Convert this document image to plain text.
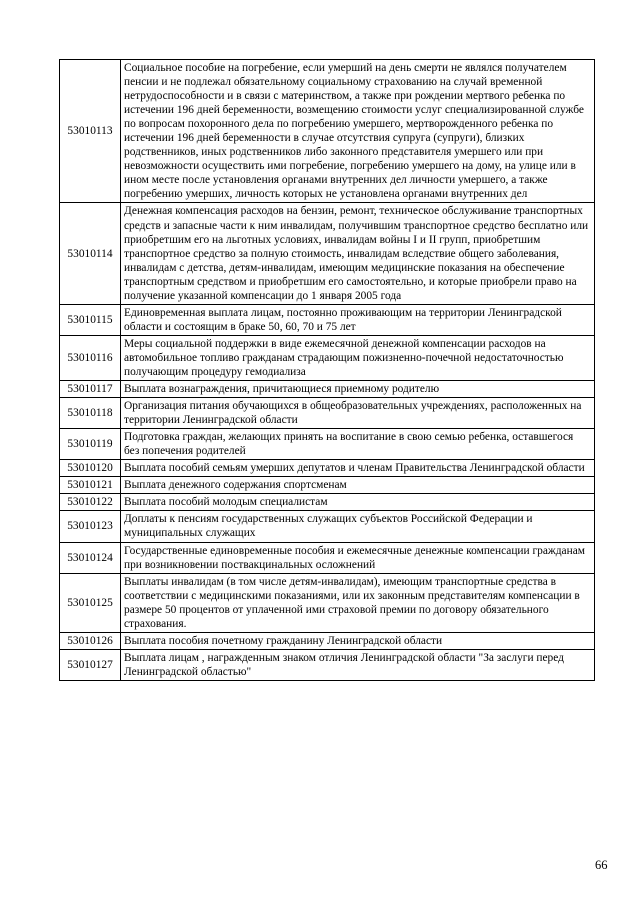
53010113	Социальное пособие на погребение, если умерший на день смерти не являлся получателем пенсии и не подлежал обязательному социальному страхованию на случай временной нетрудоспособности и в связи с материнством, а также при рождении мертвого ребенка по истечении 196 дней беременности, возмещению стоимости услуг специализированной службе по вопросам похоронного дела по погребению умершего, мертворожденного ребенка по истечении 196 дней беременности в случае отсутствия супруга (супруги), близких родственников, иных родственников либо законного представителя умершего или при невозможности осуществить ими погребение, погребению умершего на дому, на улице или в ином месте после установления органами внутренних дел личности умершего, а также погребению умерших, личность которых не установлена органами внутренних дел
53010114	Денежная компенсация расходов на бензин, ремонт, техническое обслуживание транспортных средств и запасные части к ним инвалидам, получившим транспортное средство бесплатно или приобретшим его на льготных условиях, инвалидам войны I и II групп, приобретшим транспортное средство за полную стоимость, инвалидам вследствие общего заболевания, инвалидам с детства, детям-инвалидам, имеющим медицинские показания на обеспечение транспортным средством и приобретшим его самостоятельно, и которые приобрели право на получение указанной компенсации до 1 января 2005 года
53010115	Единовременная выплата лицам, постоянно проживающим на территории Ленинградской области и состоящим в браке 50, 60, 70 и 75 лет
53010116	Меры социальной поддержки в виде ежемесячной денежной компенсации расходов на автомобильное топливо гражданам страдающим пожизненно-почечной недостаточностью получающим процедуру гемодиализа
53010117	Выплата вознаграждения, причитающиеся приемному родителю
53010118	Организация питания обучающихся в общеобразовательных учреждениях, расположенных на территории Ленинградской области
53010119	Подготовка граждан, желающих принять на воспитание в свою семью ребенка, оставшегося без попечения родителей
53010120	Выплата пособий семьям умерших депутатов и членам Правительства Ленинградской области
53010121	Выплата денежного содержания спортсменам
53010122	Выплата пособий молодым специалистам
53010123	Доплаты к пенсиям государственных служащих субъектов Российской Федерации и муниципальных служащих
53010124	Государственные единовременные пособия и ежемесячные денежные компенсации гражданам при возникновении поствакцинальных осложнений
53010125	Выплаты инвалидам (в том числе детям-инвалидам), имеющим транспортные средства в соответствии с медицинскими показаниями, или их законным представителям компенсации в размере 50 процентов от уплаченной ими страховой премии по договору обязательного страхования.
53010126	Выплата пособия почетному гражданину Ленинградской области
53010127	Выплата лицам , награжденным знаком отличия Ленинградской области "За заслуги перед Ленинградской областью"
66
